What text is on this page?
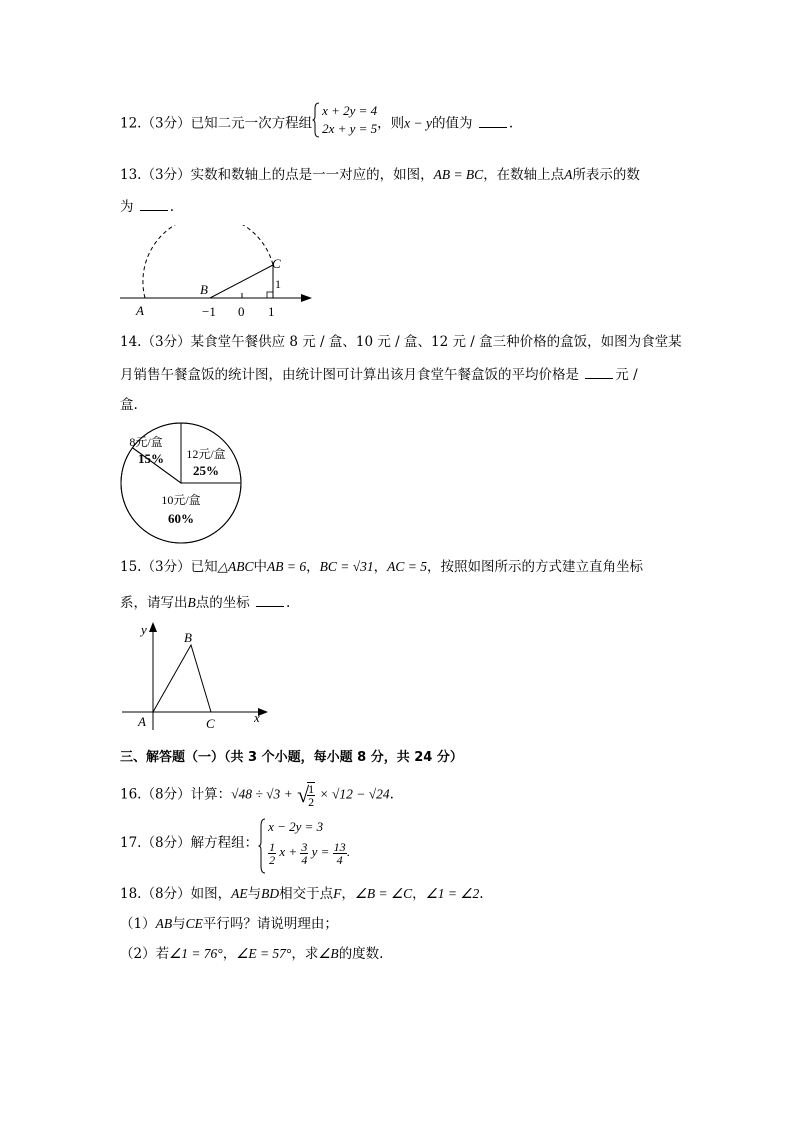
12.（3分）已知二元一次方程组
x + 2y = 4
2x + y = 5 ，则x − y的值为	.
13.（3分）实数和数轴上的点是一一对应的，如图，AB = BC，在数轴上点A所表示的数
为	.
A
B
C
1
−1 0 1
14.（3分）某食堂午餐供应 8 元 / 盒、10 元 / 盒、12 元 / 盒三种价格的盒饭，如图为食堂某
月销售午餐盒饭的统计图，由统计图可计算出该月食堂午餐盒饭的平均价格是	元 /
盒.
8元/盒
15% 12元/盒
25%
10元/盒
60%
15.（3分）已知△ABC中AB = 6，BC = √31，AC = 5，按照如图所示的方式建立直角坐标
系，请写出B点的坐标	.
y
x
A
B
C
三、解答题（一）（共 3 个小题，每小题 8 分，共 24 分）
16.（8分）计算：√48 ÷ √3 + √
$\frac{1}{2} \times √12 - √24$.
17.（8分）解方程组：
x − 2y = 3
$\frac{1}{2}$ $x + \frac{3}{4}$ $y = \frac{13}{4}$ .
18.（8分）如图，AE与BD相交于点F，∠B = ∠C，∠1 = ∠2.
（1）AB与CE平行吗？请说明理由；
（2）若∠1 = 76°，∠E = 57°，求∠B的度数.
